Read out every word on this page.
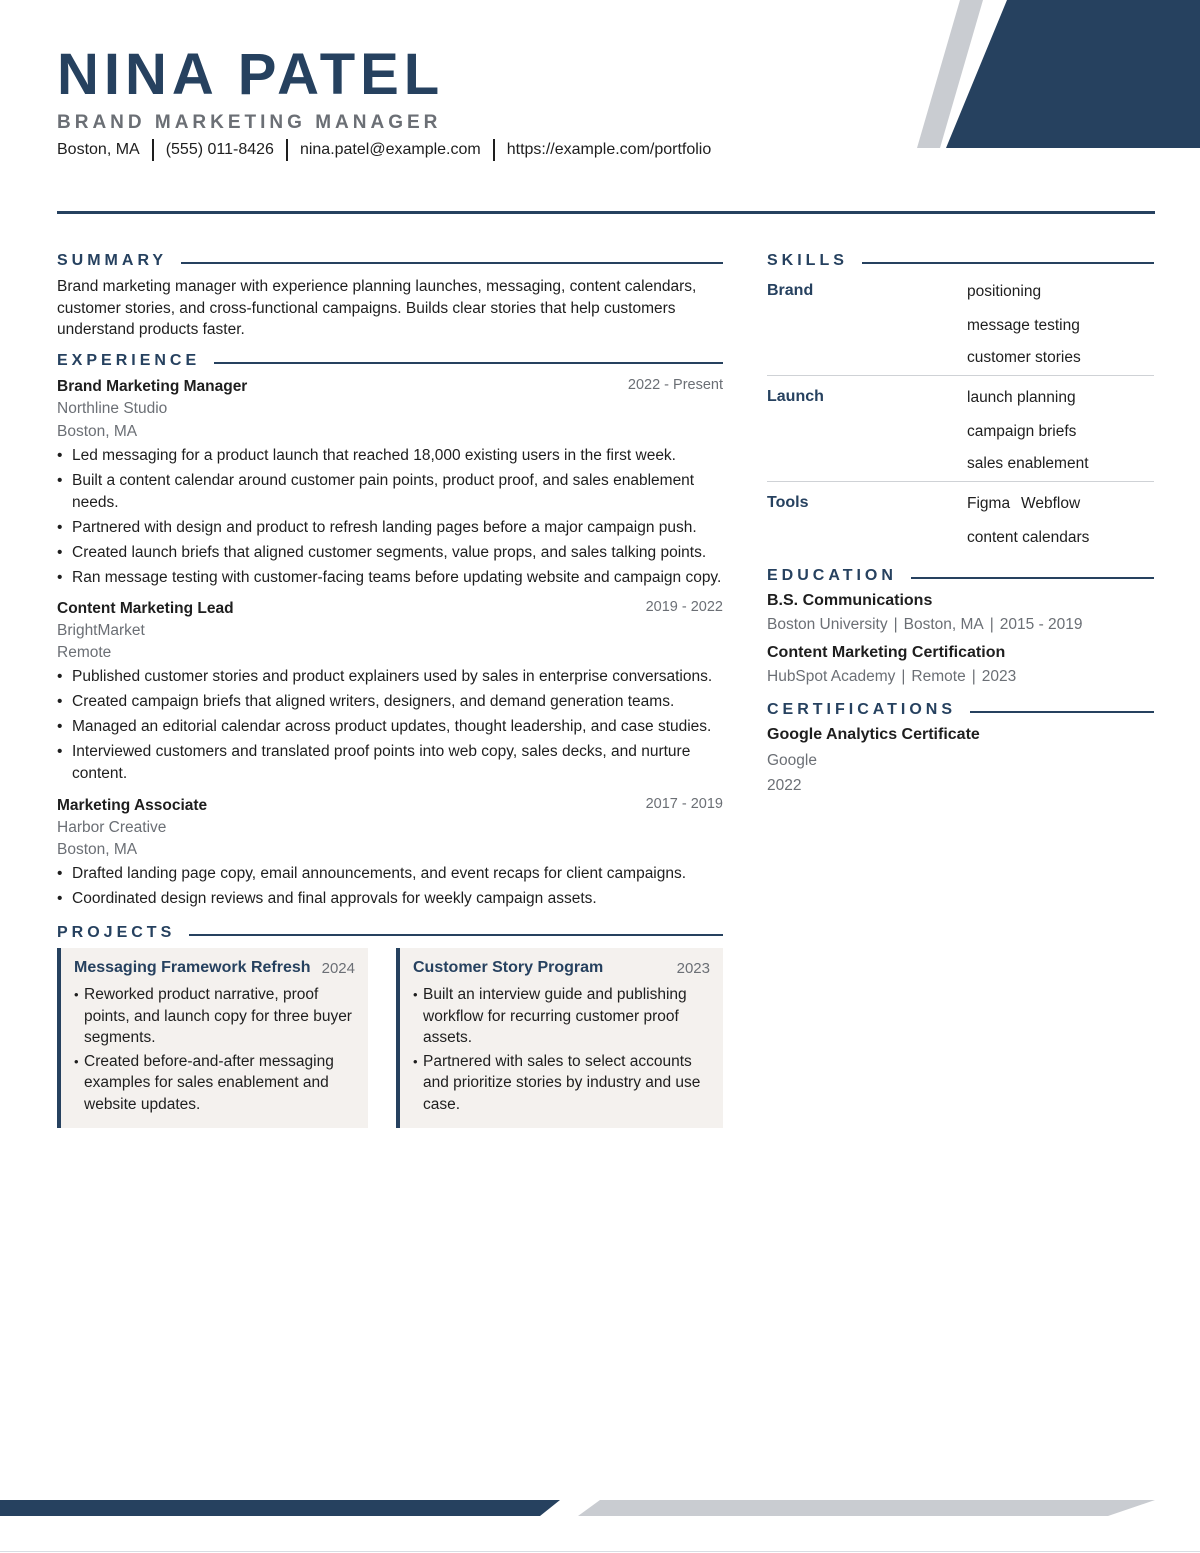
NINA PATEL
BRAND MARKETING MANAGER
Boston, MA	(555) 011-8426	nina.patel@example.com	https://example.com/portfolio
SUMMARY
Brand marketing manager with experience planning launches, messaging, content calendars, customer stories, and cross-functional campaigns. Builds clear stories that help customers understand products faster.
EXPERIENCE
Brand Marketing Manager	2022 - Present
Northline Studio
Boston, MA
• Led messaging for a product launch that reached 18,000 existing users in the first week.
• Built a content calendar around customer pain points, product proof, and sales enablement needs.
• Partnered with design and product to refresh landing pages before a major campaign push.
• Created launch briefs that aligned customer segments, value props, and sales talking points.
• Ran message testing with customer-facing teams before updating website and campaign copy.
Content Marketing Lead	2019 - 2022
BrightMarket
Remote
• Published customer stories and product explainers used by sales in enterprise conversations.
• Created campaign briefs that aligned writers, designers, and demand generation teams.
• Managed an editorial calendar across product updates, thought leadership, and case studies.
• Interviewed customers and translated proof points into web copy, sales decks, and nurture content.
Marketing Associate	2017 - 2019
Harbor Creative
Boston, MA
• Drafted landing page copy, email announcements, and event recaps for client campaigns.
• Coordinated design reviews and final approvals for weekly campaign assets.
PROJECTS
Messaging Framework Refresh 2024
• Reworked product narrative, proof points, and launch copy for three buyer segments.
• Created before-and-after messaging examples for sales enablement and website updates.
Customer Story Program	2023
• Built an interview guide and publishing workflow for recurring customer proof assets.
• Partnered with sales to select accounts and prioritize stories by industry and use case.
SKILLS
Brand	positioning
message testing
customer stories
Launch	launch planning
campaign briefs
sales enablement
Tools	Figma Webflow
content calendars
EDUCATION
B.S. Communications
Boston University | Boston, MA | 2015 - 2019
Content Marketing Certification
HubSpot Academy | Remote | 2023
CERTIFICATIONS
Google Analytics Certificate
Google
2022
